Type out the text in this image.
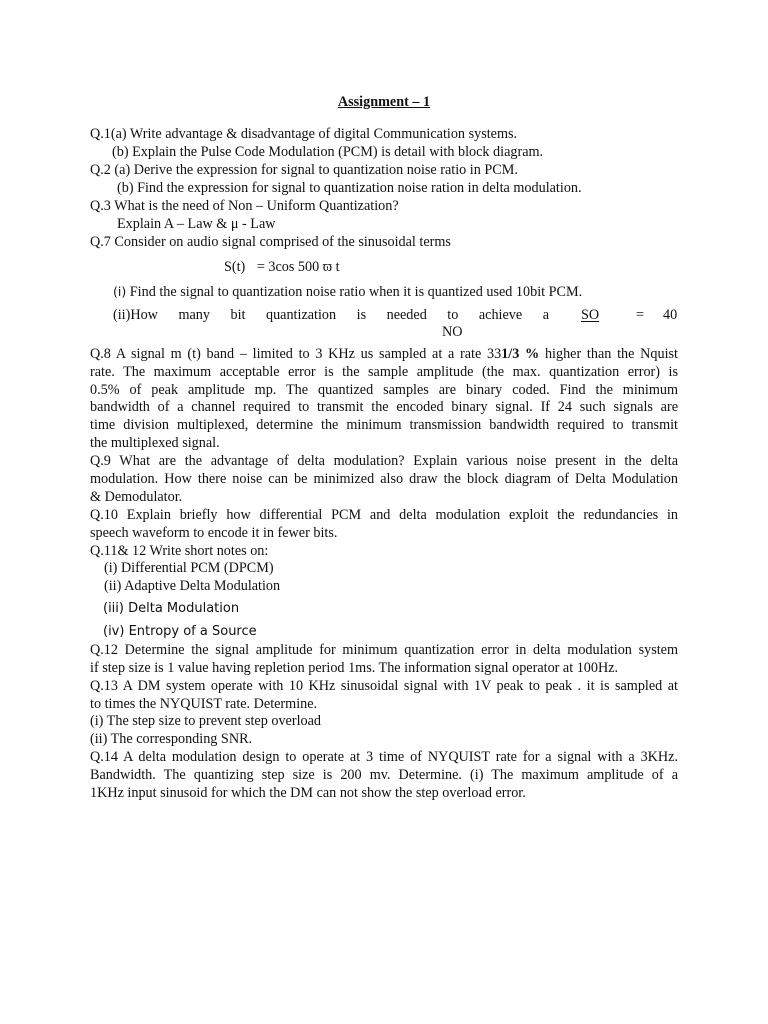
Assignment – 1
Q.1(a) Write advantage & disadvantage of digital Communication systems.
(b) Explain the Pulse Code Modulation (PCM) is detail with block diagram.
Q.2 (a) Derive the expression for signal to quantization noise ratio in PCM.
(b) Find the expression for signal to quantization noise ration in delta modulation.
Q.3 What is the need of Non – Uniform Quantization?
Explain A – Law & μ - Law
Q.7 Consider on audio signal comprised of the sinusoidal terms
S(t) = 3cos 500 ϖ t
(i) Find the signal to quantization noise ratio when it is quantized used 10bit PCM.
(ii)How many bit quantization is needed to achieve a SO	= 40
NO
Q.8 A signal m (t) band – limited to 3 KHz us sampled at a rate 331/3 % higher than the Nquist
rate. The maximum acceptable error is the sample amplitude (the max. quantization error) is
0.5% of peak amplitude mp. The quantized samples are binary coded. Find the minimum
bandwidth of a channel required to transmit the encoded binary signal. If 24 such signals are
time division multiplexed, determine the minimum transmission bandwidth required to transmit
the multiplexed signal.
Q.9 What are the advantage of delta modulation? Explain various noise present in the delta
modulation. How there noise can be minimized also draw the block diagram of Delta Modulation
& Demodulator.
Q.10 Explain briefly how differential PCM and delta modulation exploit the redundancies in
speech waveform to encode it in fewer bits.
Q.11& 12 Write short notes on:
(i) Differential PCM (DPCM)
(ii) Adaptive Delta Modulation
(iii) Delta Modulation
(iv) Entropy of a Source
Q.12 Determine the signal amplitude for minimum quantization error in delta modulation system
if step size is 1 value having repletion period 1ms. The information signal operator at 100Hz.
Q.13 A DM system operate with 10 KHz sinusoidal signal with 1V peak to peak . it is sampled at
to times the NYQUIST rate. Determine.
(i) The step size to prevent step overload
(ii) The corresponding SNR.
Q.14 A delta modulation design to operate at 3 time of NYQUIST rate for a signal with a 3KHz.
Bandwidth. The quantizing step size is 200 mv. Determine. (i) The maximum amplitude of a
1KHz input sinusoid for which the DM can not show the step overload error.
